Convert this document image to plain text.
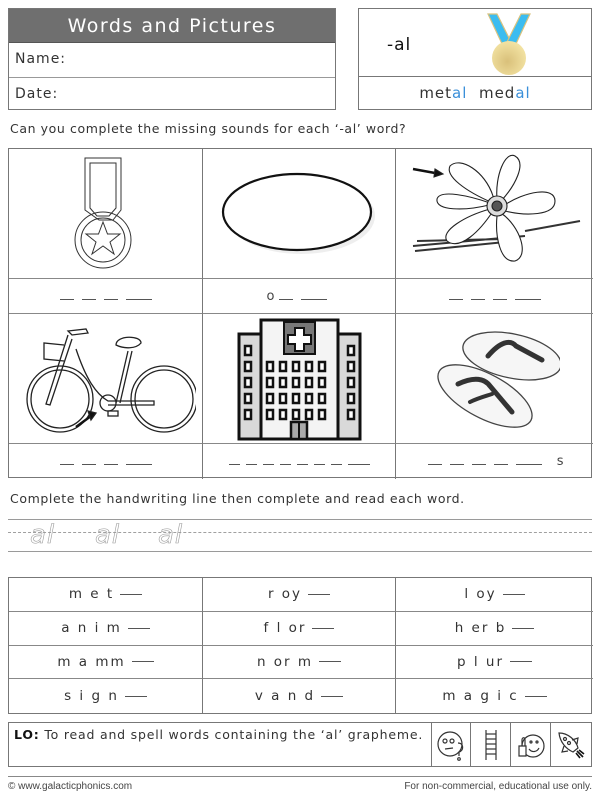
Words and Pictures
Name:
Date:
-al
metal medal
Can you complete the missing sounds for each ‘-al’ word?
o
s
Complete the handwriting line then complete and read each word.
al al al
m e t	r oy	l oy
a n i m	f l or	h er b
m a mm	n or m	p l ur
s i g n	v a n d	m a g i c
LO: To read and spell words containing the ‘al’ grapheme.
© www.galacticphonics.com	For non-commercial, educational use only.
